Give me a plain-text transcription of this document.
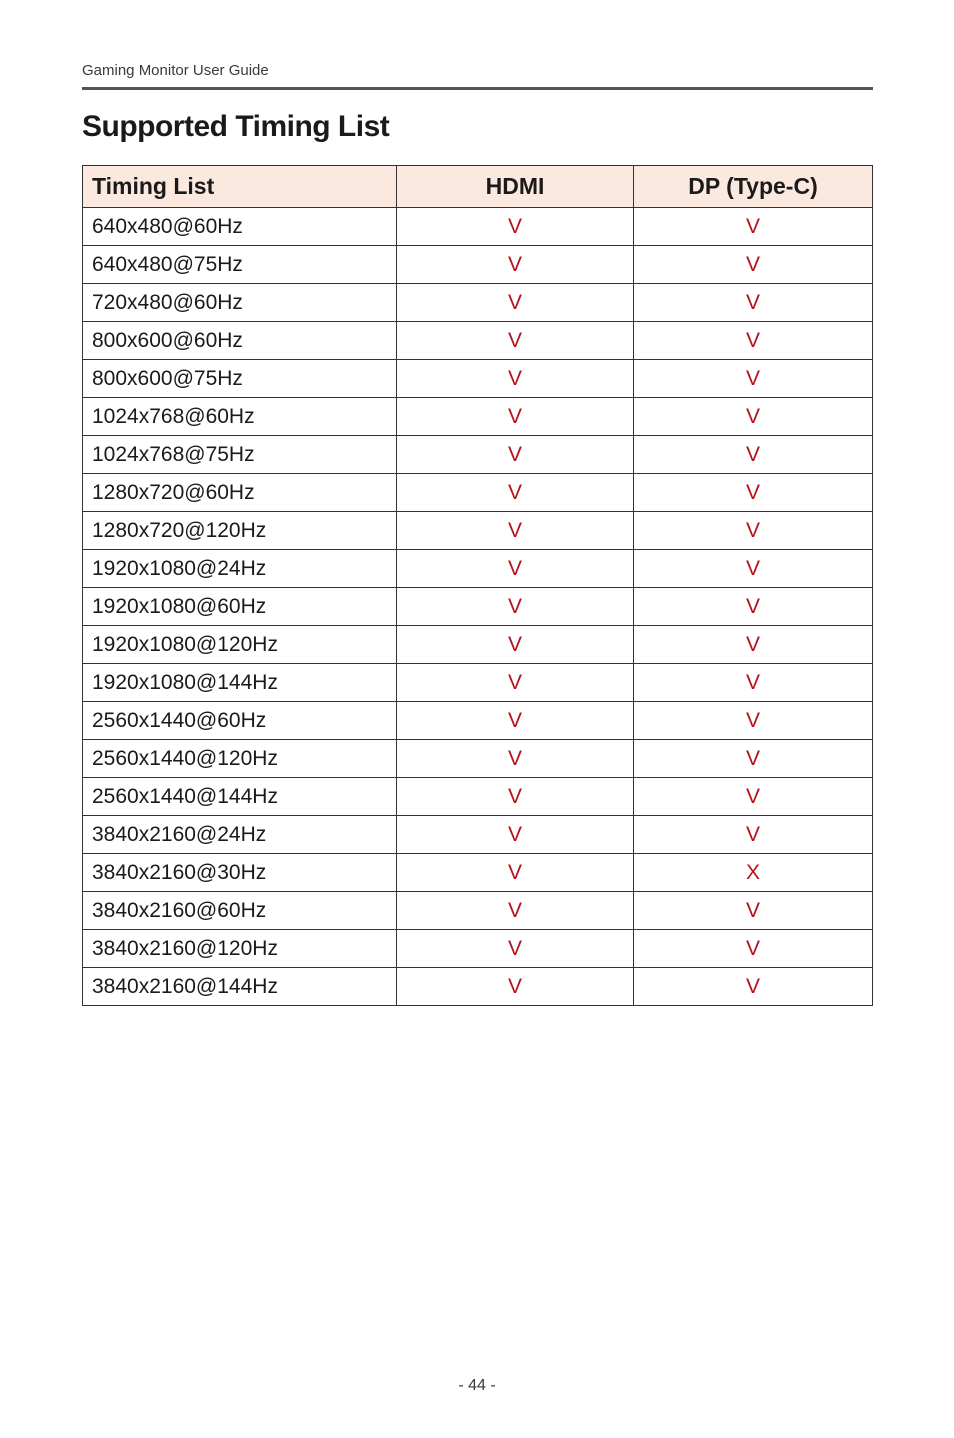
Gaming Monitor User Guide
Supported Timing List
Timing List	HDMI	DP (Type-C)
640x480@60Hz	V	V
640x480@75Hz	V	V
720x480@60Hz	V	V
800x600@60Hz	V	V
800x600@75Hz	V	V
1024x768@60Hz	V	V
1024x768@75Hz	V	V
1280x720@60Hz	V	V
1280x720@120Hz	V	V
1920x1080@24Hz	V	V
1920x1080@60Hz	V	V
1920x1080@120Hz	V	V
1920x1080@144Hz	V	V
2560x1440@60Hz	V	V
2560x1440@120Hz	V	V
2560x1440@144Hz	V	V
3840x2160@24Hz	V	V
3840x2160@30Hz	V	X
3840x2160@60Hz	V	V
3840x2160@120Hz	V	V
3840x2160@144Hz	V	V
- 44 -
